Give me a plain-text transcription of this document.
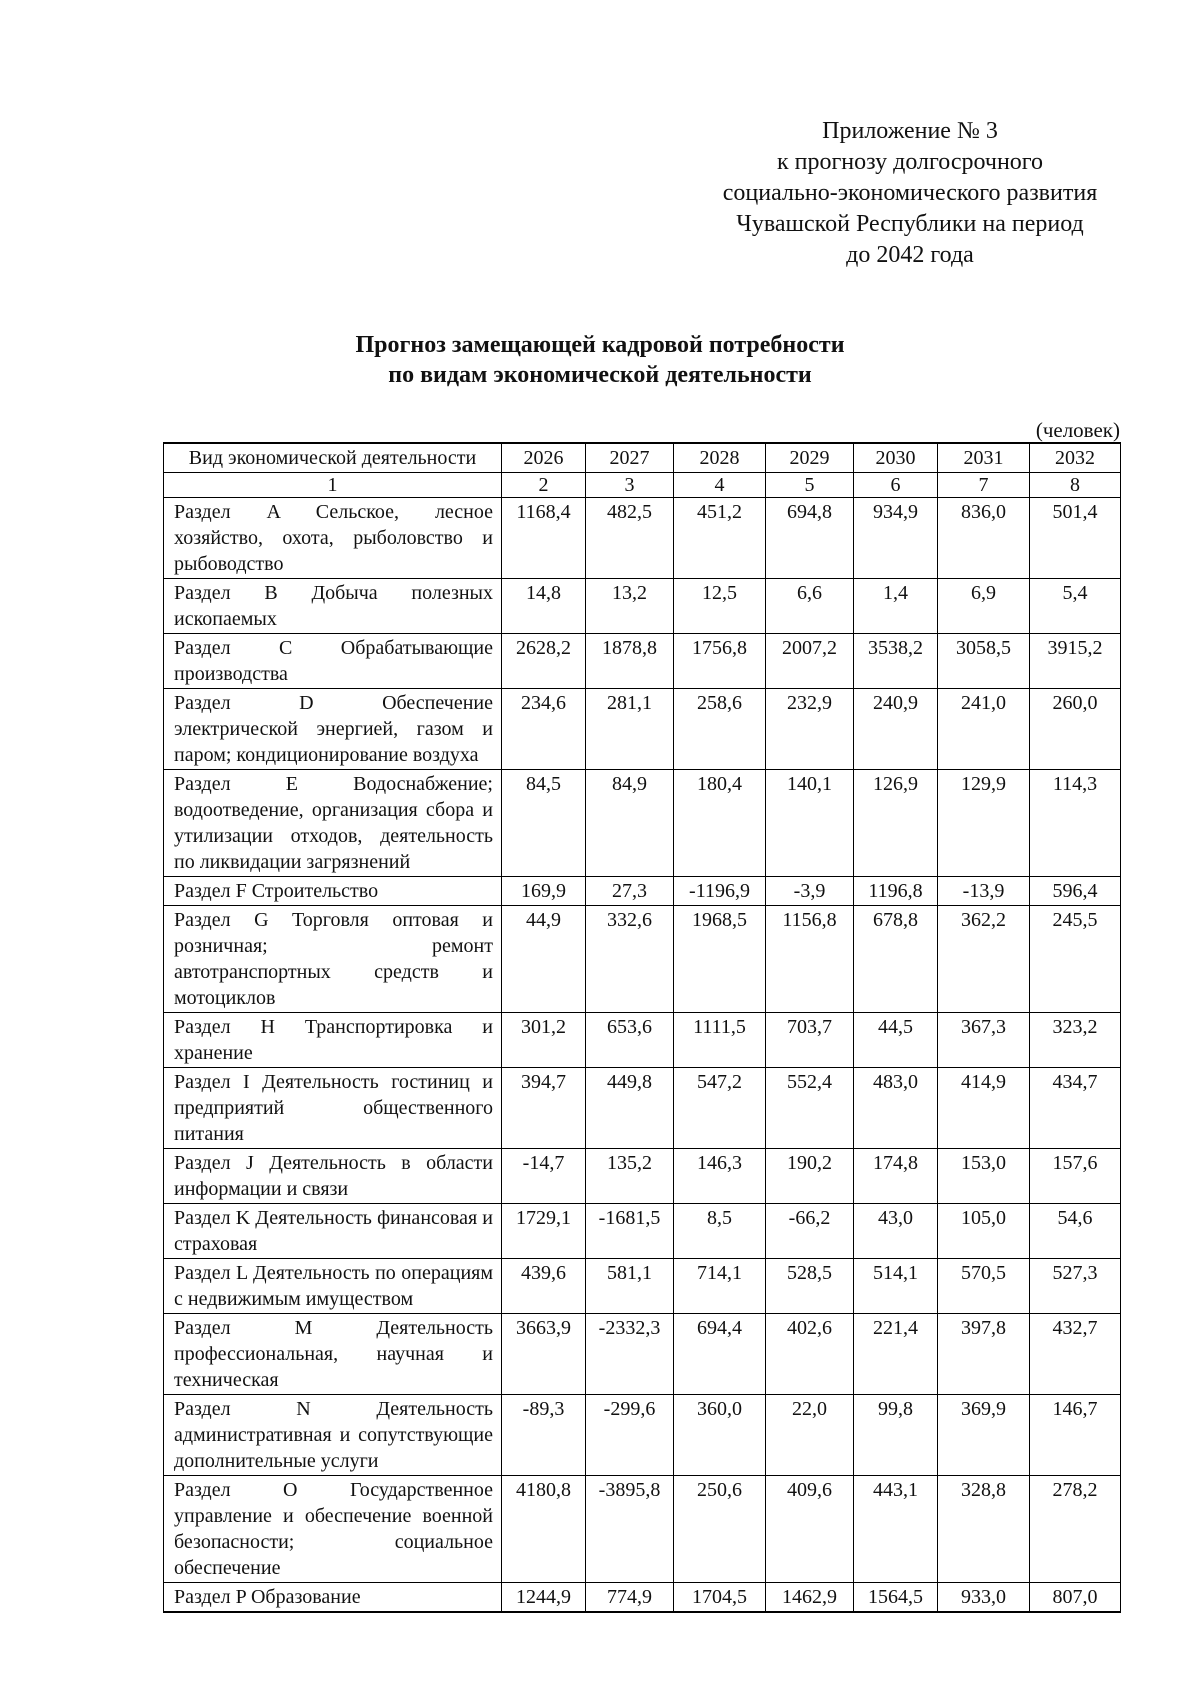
Приложение № 3
к прогнозу долгосрочного
социально-экономического развития
Чувашской Республики на период
до 2042 года
Прогноз замещающей кадровой потребности
по видам экономической деятельности
(человек)
Вид экономической деятельности	2026	2027	2028	2029	2030	2031	2032
1	2	3	4	5	6	7	8
Раздел A Сельское, лесное хозяйство, охота, рыболовство и рыбоводство	1168,4	482,5	451,2	694,8	934,9	836,0	501,4
Раздел B Добыча полезных ископаемых	14,8	13,2	12,5	6,6	1,4	6,9	5,4
Раздел C Обрабатывающие производства	2628,2	1878,8	1756,8	2007,2	3538,2	3058,5	3915,2
Раздел D Обеспечение электрической энергией, газом и паром; кондиционирование воздуха	234,6	281,1	258,6	232,9	240,9	241,0	260,0
Раздел E Водоснабжение; водоотведение, организация сбора и утилизации отходов, деятельность по ликвидации загрязнений	84,5	84,9	180,4	140,1	126,9	129,9	114,3
Раздел F Строительство	169,9	27,3	-1196,9	-3,9	1196,8	-13,9	596,4
Раздел G Торговля оптовая и розничная; ремонт автотранспортных средств и мотоциклов	44,9	332,6	1968,5	1156,8	678,8	362,2	245,5
Раздел H Транспортировка и хранение	301,2	653,6	1111,5	703,7	44,5	367,3	323,2
Раздел I Деятельность гостиниц и предприятий общественного питания	394,7	449,8	547,2	552,4	483,0	414,9	434,7
Раздел J Деятельность в области информации и связи	-14,7	135,2	146,3	190,2	174,8	153,0	157,6
Раздел K Деятельность финансовая и страховая	1729,1	-1681,5	8,5	-66,2	43,0	105,0	54,6
Раздел L Деятельность по операциям с недвижимым имуществом	439,6	581,1	714,1	528,5	514,1	570,5	527,3
Раздел M Деятельность профессиональная, научная и техническая	3663,9	-2332,3	694,4	402,6	221,4	397,8	432,7
Раздел N Деятельность административная и сопутствующие дополнительные услуги	-89,3	-299,6	360,0	22,0	99,8	369,9	146,7
Раздел O Государственное управление и обеспечение военной безопасности; социальное обеспечение	4180,8	-3895,8	250,6	409,6	443,1	328,8	278,2
Раздел P Образование	1244,9	774,9	1704,5	1462,9	1564,5	933,0	807,0
